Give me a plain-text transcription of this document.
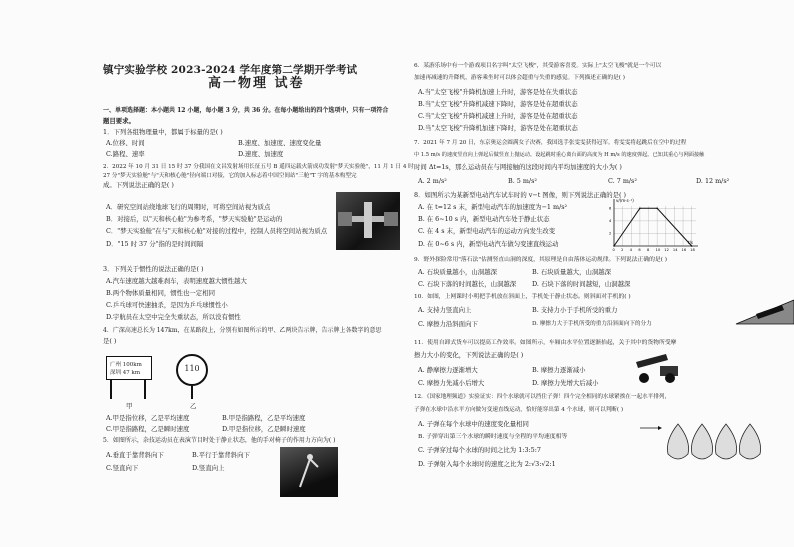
镇宁实验学校 2023-2024 学年度第二学期开学考试
高一物理 试卷
一、单项选择题：本小题共 12 小题，每小题 3 分，共 36 分。在每小题给出的四个选项中，只有一项符合
题目要求。
1．下列各组物理量中，都属于标量的是( )
A.位移、时间	B.速度、加速度、速度变化量
C.路程、速率	D.速度、加速度
2．2022 年 10 月 31 日 15 时 37 分我国在文昌发射场用长征五号 B 遥四运载火箭成功发射"梦天实验舱"，11 月 1 日 4 时
27 分"梦天实验舱"与"天和核心舱"径向端口对接，它的加入标志着中国空间站"三舱"T 字的基本构型完
成。下列说法正确的是( )
A．研究空间站绕地球飞行的周期时，可将空间站视为质点
B．对接后，以"天和核心舱"为参考系，"梦天实验舱"是运动的
C．"梦天实验舱"在与"天和核心舱"对接的过程中，控制人员将空间站视为质点
D．"15 时 37 分"指的是时间间隔
3．下列关于惯性的说法正确的是( )
A.汽车速度越大越难刹车，表明速度越大惯性越大
B.两个物体质量相同，惯性也一定相同
C.乒乓球可快速抽杀，是因为乒乓球惯性小
D.宇航员在太空中完全失重状态，所以没有惯性
4．广深高速总长为 147km，在某路段上，分别有如图所示的甲、乙两块告示牌，告示牌上各数字的意思
是( )
广州 100km
深圳 47 km	110
甲	乙
A.甲是指位移，乙是平均速度	B.甲是指路程，乙是平均速度
C.甲是指路程，乙是瞬时速度	D.甲是指位移，乙是瞬时速度
5．如图所示，杂技运动员在表演节目时处于静止状态，他的手对椅子的作用力方向为( )
A.垂直于靠背斜向下	B.平行于靠背斜向下
C.竖直向下	D.竖直向上
6．某游乐场中有一个游戏项目名字叫"太空飞梭"，其受游客喜爱。实际上"太空飞梭"就是一个可以
加速再减速的升降机，游客乘坐时可以体会超重与失重的感觉。下列描述正确的是( )
A.当"太空飞梭"升降机加速上升时，游客是处在失重状态
B.当"太空飞梭"升降机减速下降时，游客是处在超重状态
C.当"太空飞梭"升降机减速上升时，游客是处在超重状态
D.当"太空飞梭"升降机加速下降时，游客是处在超重状态
7．2021 年 7 月 20 日，东京奥运会圆满女子决赛，我国选手张雯雯获得冠军。将雯雯将起跳后在空中的过程
中 1.5 m/s 的速度竖直向上弹起后做竖直上抛运动。设起跳时重心离台面的高度为 H m/s 的速度弹起。已知其重心与网面接触
时间 Δt=1s，那么运动员在与网接触的这段时间内平均加速度的大小为( )
A. 2 m/s²	B. 5 m/s²	C. 7 m/s²	D. 12 m/s²
8．如图所示为某新型电动汽车试车时的 v−t 图像，则下列说法正确的是( )
A. 在 t=12 s 末，新型电动汽车的加速度为−1 m/s²
B. 在 6~10 s 内，新型电动汽车处于静止状态
C. 在 4 s 末，新型电动汽车的运动方向发生改变
D. 在 0~6 s 内，新型电动汽车做匀变速直线运动
v/(m·s⁻¹)
t/s
0 2 4 6 8 10 12 14 16 18
2
4
6
9．野外探险常用"落石法"估测竖直山洞的深度，其原理是自由落体运动规律。下列说法正确的是( )
A. 石块质量越小，山洞越深	B. 石块质量越大，山洞越深
C. 石块下落的时间越长，山洞越深 D. 石块下落的时间越短，山洞越深
10．如图，上网课时小明把手机放在斜面上，手机处于静止状态。则斜面对手机的( )
A. 支持力竖直向上	B. 支持力小于手机所受的重力
C. 摩擦力沿斜面向下	D. 摩擦力大于手机所受的重力沿斜面向下的分力
11．使用自卸式货车可以提高工作效率。如图所示，车厢由水平位置逐渐抬起，关于其中的货物所受摩
擦力大小的变化，下列说法正确的是( )
A. 静摩擦力逐渐增大	B. 摩擦力逐渐减小
C. 摩擦力先减小后增大	D. 摩擦力先增大后减小
12．《国家地理频道》实验证实：四个水球就可以挡住子弹！四个完全相同的水球紧挨在一起水平排列，
子弹在水球中沿水平方向做匀变速直线运动，恰好能穿出第 4 个水球，则可以判断( )
A. 子弹在每个水球中的速度变化量相同
B. 子弹穿出第三个水球的瞬时速度与全程的平均速度相等
C. 子弹穿过每个水球的时间之比为 1:3:5:7
D. 子弹射入每个水球时的速度之比为 2:√3:√2:1
